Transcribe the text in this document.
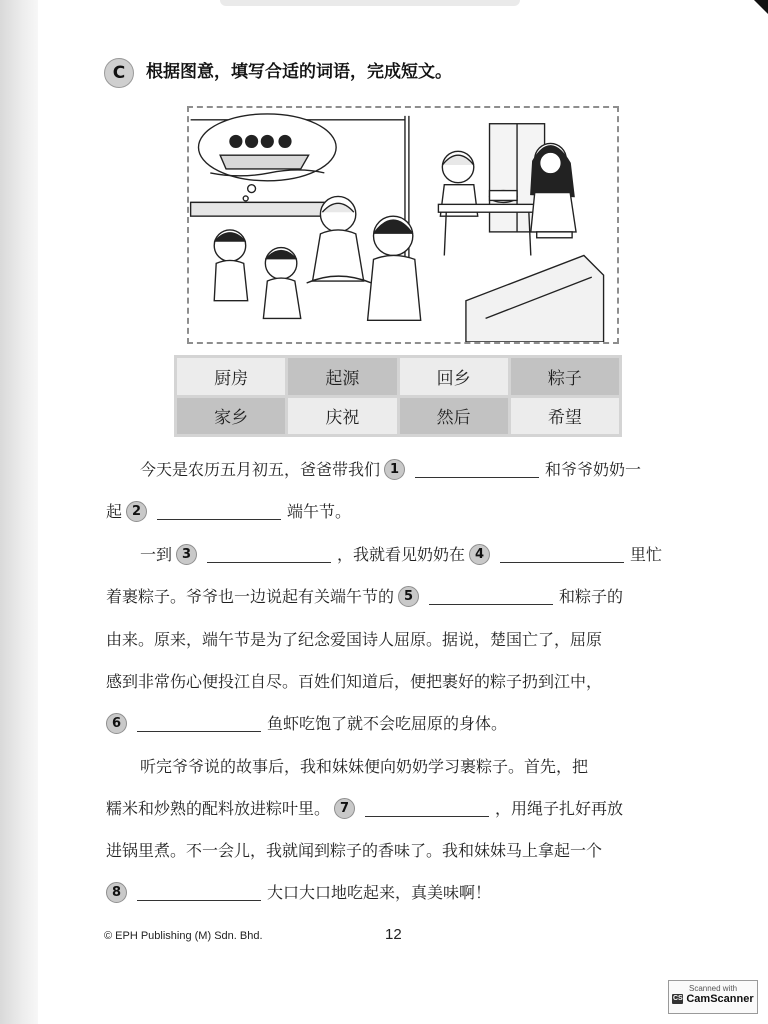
C	根据图意，填写合适的词语，完成短文。
厨房	起源	回乡	粽子
家乡	庆祝	然后	希望
今天是农历五月初五，爸爸带我们 1	和爷爷奶奶一
起 2	端午节。
一到 3	，我就看见奶奶在 4	里忙
着裹粽子。爷爷也一边说起有关端午节的 5	和粽子的
由来。原来，端午节是为了纪念爱国诗人屈原。据说，楚国亡了，屈原
感到非常伤心便投江自尽。百姓们知道后，便把裹好的粽子扔到江中，
6	鱼虾吃饱了就不会吃屈原的身体。
听完爷爷说的故事后，我和妹妹便向奶奶学习裹粽子。首先，把
糯米和炒熟的配料放进粽叶里。 7	，用绳子扎好再放
进锅里煮。不一会儿，我就闻到粽子的香味了。我和妹妹马上拿起一个
8	大口大口地吃起来，真美味啊！
© EPH Publishing (M) Sdn. Bhd.	12
Scanned with
CS CamScanner
